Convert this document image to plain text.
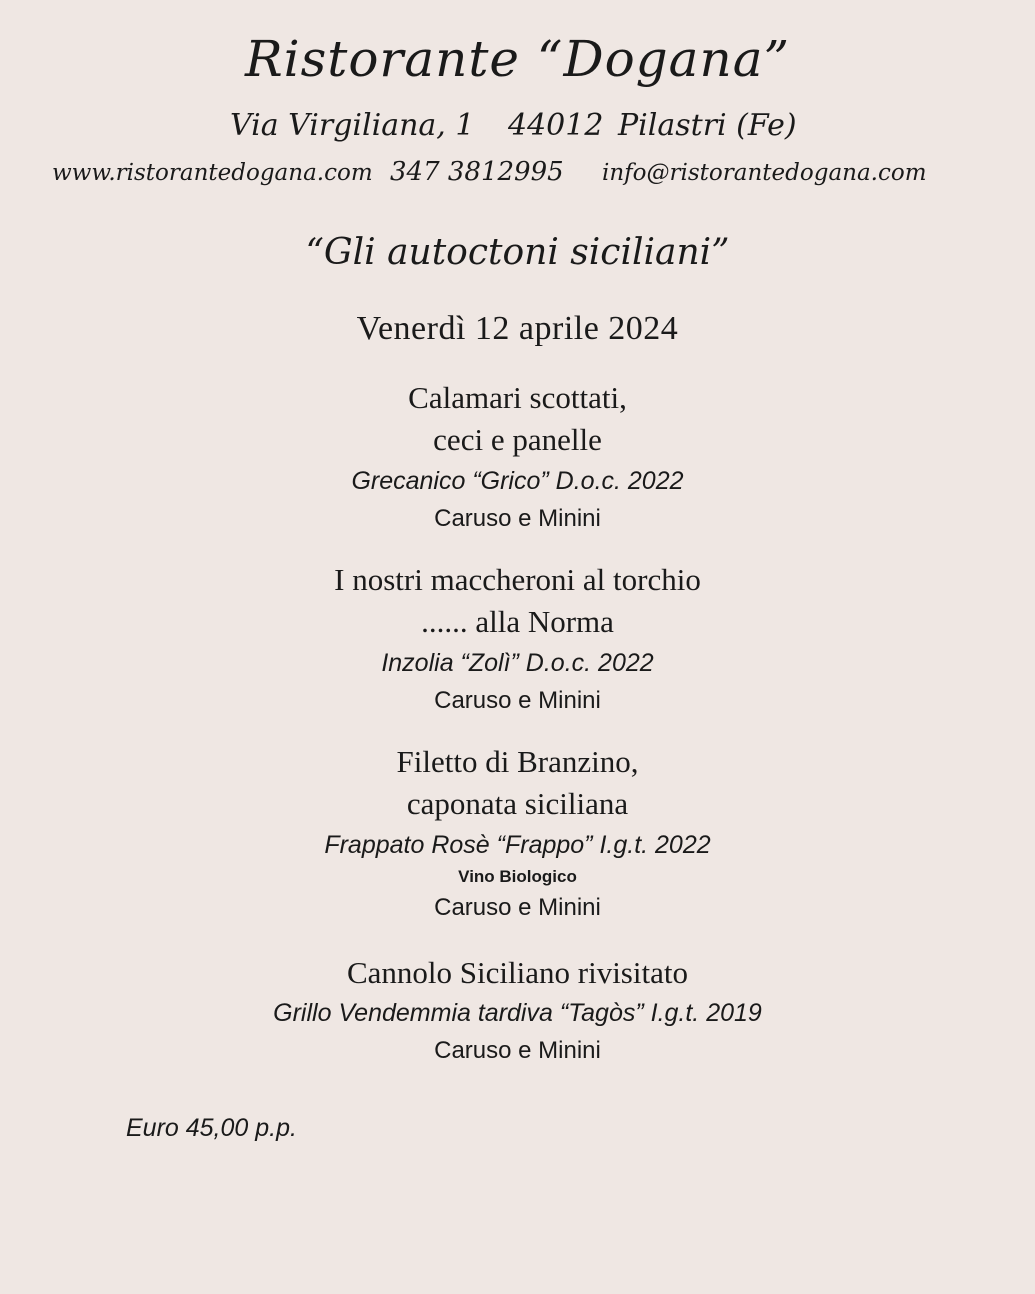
Ristorante “Dogana”
Via Virgiliana, 1 44012 Pilastri (Fe)
www.ristorantedogana.com 347 3812995 info@ristorantedogana.com
“Gli autoctoni siciliani”
Venerdì 12 aprile 2024
Calamari scottati,
ceci e panelle
Grecanico “Grico” D.o.c. 2022
Caruso e Minini
I nostri maccheroni al torchio
...... alla Norma
Inzolia “Zolì” D.o.c. 2022
Caruso e Minini
Filetto di Branzino,
caponata siciliana
Frappato Rosè “Frappo” I.g.t. 2022
Vino Biologico
Caruso e Minini
Cannolo Siciliano rivisitato
Grillo Vendemmia tardiva “Tagòs” I.g.t. 2019
Caruso e Minini
Euro 45,00 p.p.
